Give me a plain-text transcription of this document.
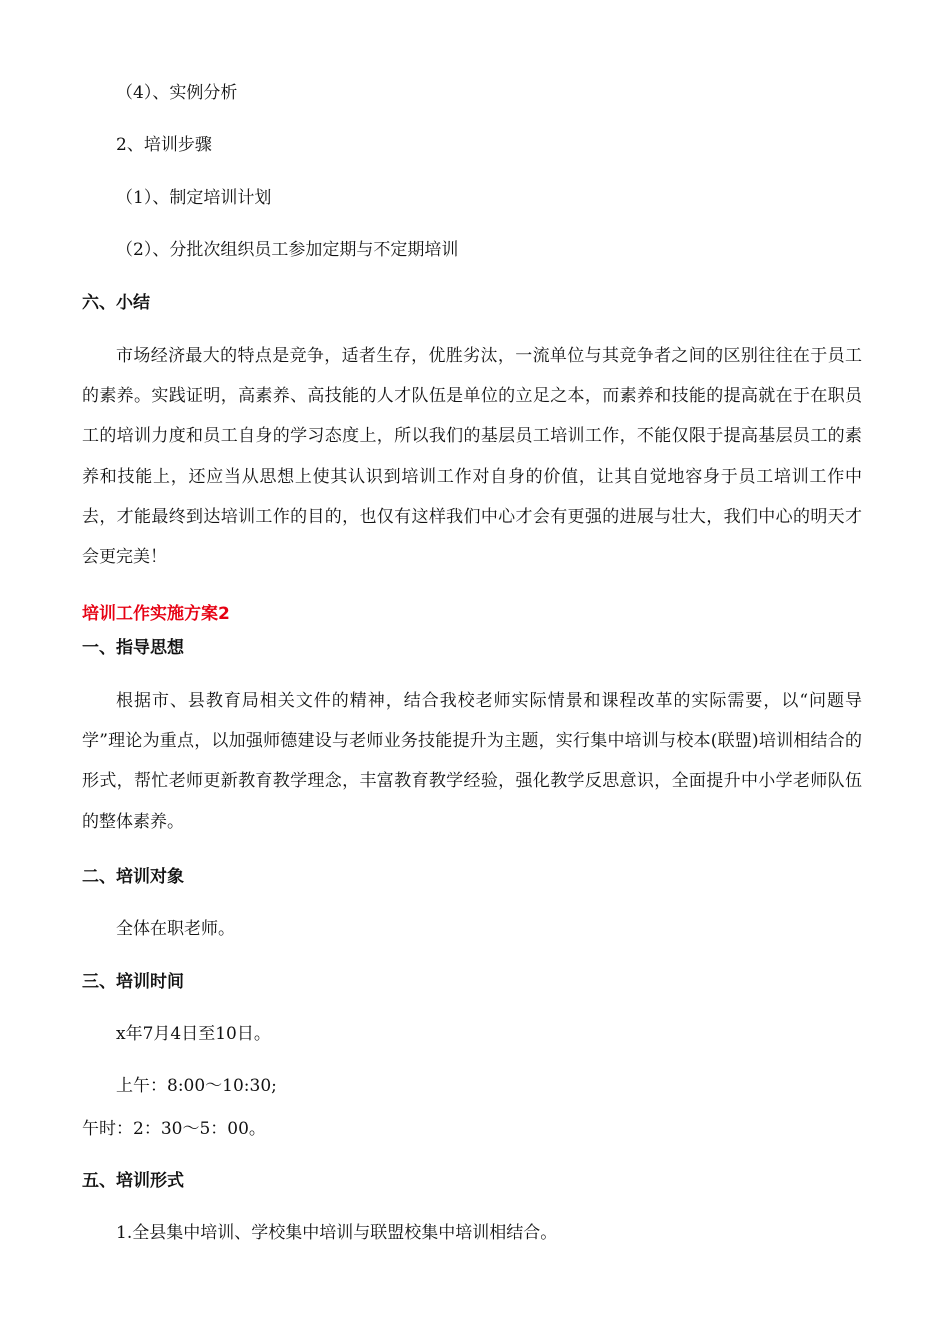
（4）、实例分析
2、培训步骤
（1）、制定培训计划
（2）、分批次组织员工参加定期与不定期培训
六、小结
市场经济最大的特点是竞争，适者生存，优胜劣汰，一流单位与其竞争者之间的区别往往在于员工的素养。实践证明，高素养、高技能的人才队伍是单位的立足之本，而素养和技能的提高就在于在职员工的培训力度和员工自身的学习态度上，所以我们的基层员工培训工作，不能仅限于提高基层员工的素养和技能上，还应当从思想上使其认识到培训工作对自身的价值，让其自觉地容身于员工培训工作中去，才能最终到达培训工作的目的，也仅有这样我们中心才会有更强的进展与壮大，我们中心的明天才会更完美！
培训工作实施方案2
一、指导思想
根据市、县教育局相关文件的精神，结合我校老师实际情景和课程改革的实际需要，以“问题导学”理论为重点，以加强师德建设与老师业务技能提升为主题，实行集中培训与校本(联盟)培训相结合的形式，帮忙老师更新教育教学理念，丰富教育教学经验，强化教学反思意识，全面提升中小学老师队伍的整体素养。
二、培训对象
全体在职老师。
三、培训时间
x年7月4日至10日。
上午：8:00～10:30;
午时：2：30～5：00。
五、培训形式
1.全县集中培训、学校集中培训与联盟校集中培训相结合。
